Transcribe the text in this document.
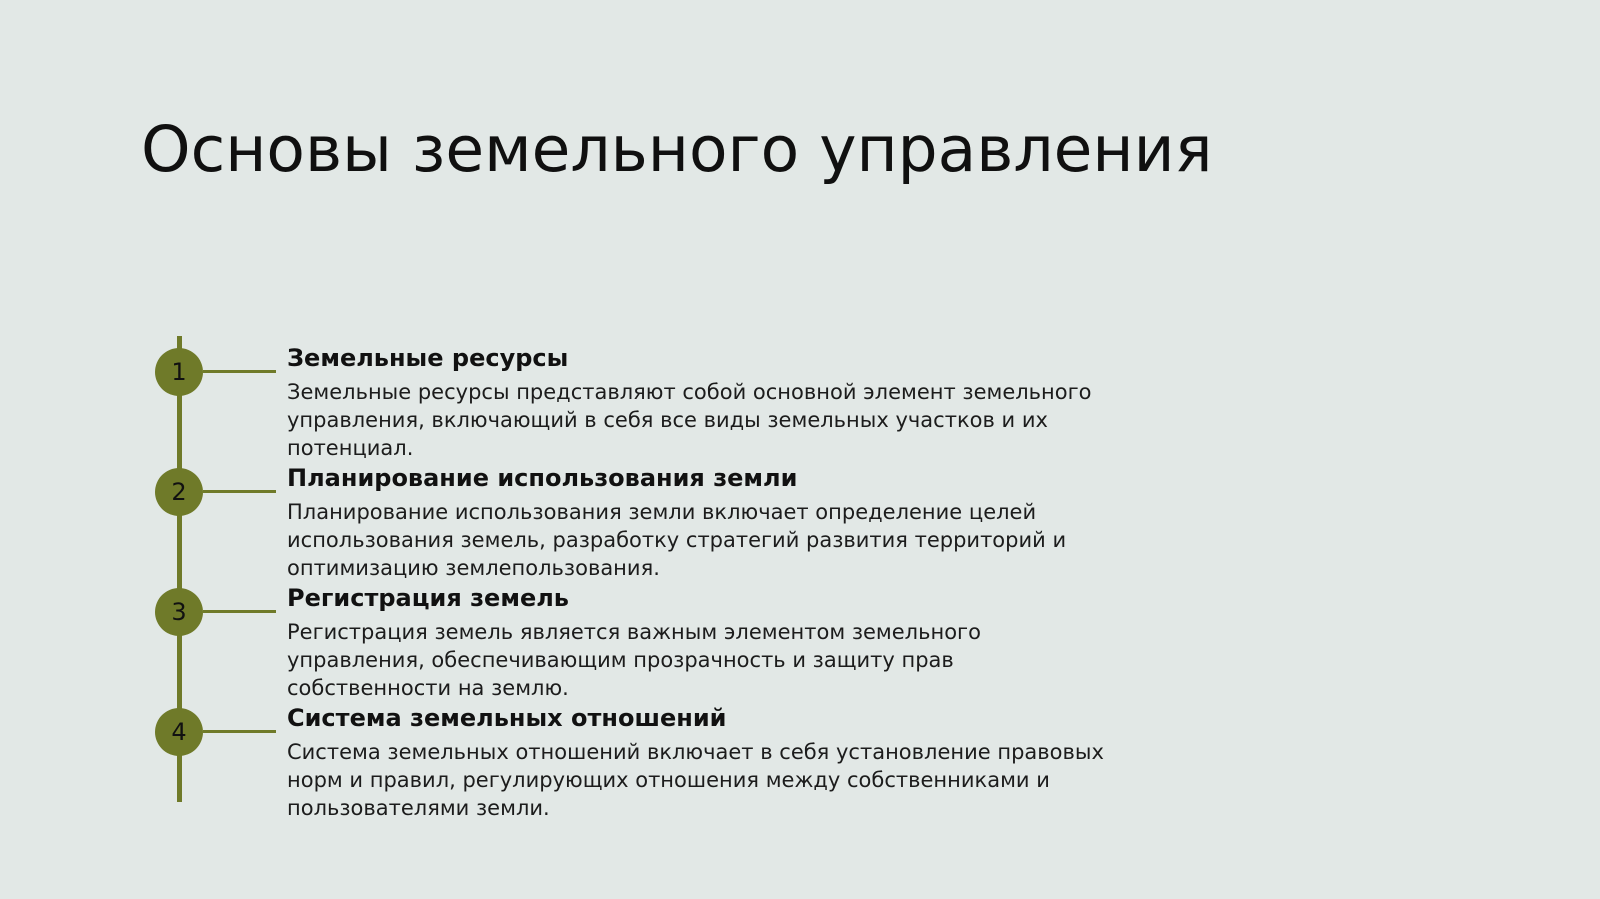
Основы земельного управления
1	Земельные ресурсы

Земельные ресурсы представляют собой основной элемент земельного управления, включающий в себя все виды земельных участков и их потенциал.

2	Планирование использования земли

Планирование использования земли включает определение целей использования земель, разработку стратегий развития территорий и оптимизацию землепользования.

3	Регистрация земель

Регистрация земель является важным элементом земельного управления, обеспечивающим прозрачность и защиту прав собственности на землю.

4	Система земельных отношений

Система земельных отношений включает в себя установление правовых норм и правил, регулирующих отношения между собственниками и пользователями земли.
